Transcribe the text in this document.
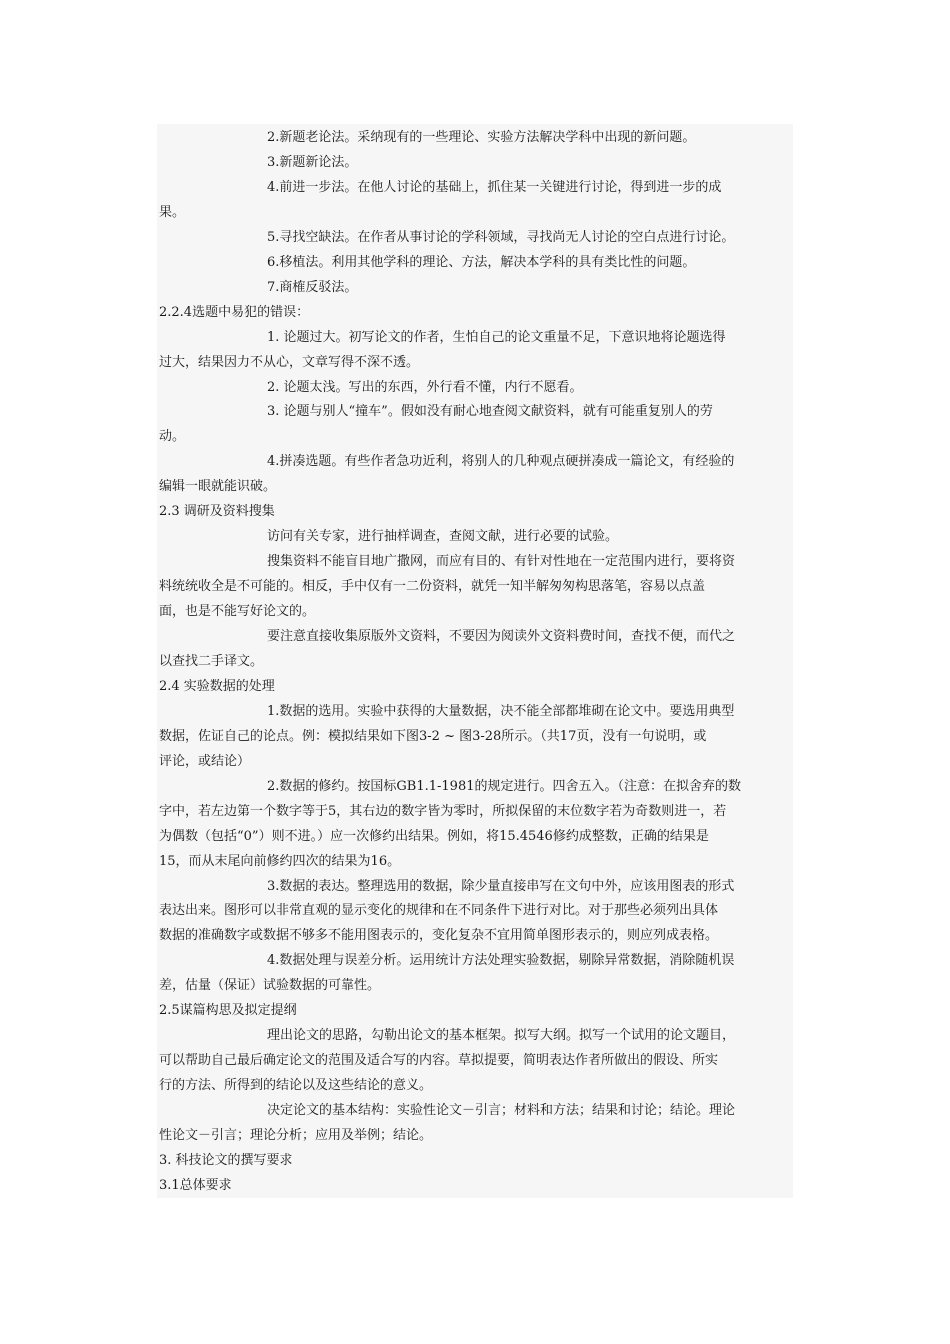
2.新题老论法。采纳现有的一些理论、实验方法解决学科中出现的新问题。
3.新题新论法。
4.前进一步法。在他人讨论的基础上，抓住某一关键进行讨论，得到进一步的成
果。
5.寻找空缺法。在作者从事讨论的学科领域，寻找尚无人讨论的空白点进行讨论。
6.移植法。利用其他学科的理论、方法，解决本学科的具有类比性的问题。
7.商榷反驳法。
2.2.4选题中易犯的错误：
1. 论题过大。初写论文的作者，生怕自己的论文重量不足，下意识地将论题选得
过大，结果因力不从心，文章写得不深不透。
2. 论题太浅。写出的东西，外行看不懂，内行不愿看。
3. 论题与别人“撞车”。假如没有耐心地查阅文献资料，就有可能重复别人的劳
动。
4.拼凑选题。有些作者急功近利，将别人的几种观点硬拼凑成一篇论文，有经验的
编辑一眼就能识破。
2.3 调研及资料搜集
访问有关专家，进行抽样调查，查阅文献，进行必要的试验。
搜集资料不能盲目地广撒网，而应有目的、有针对性地在一定范围内进行，要将资
料统统收全是不可能的。相反，手中仅有一二份资料，就凭一知半解匆匆构思落笔，容易以点盖
面，也是不能写好论文的。
要注意直接收集原版外文资料，不要因为阅读外文资料费时间，查找不便，而代之
以查找二手译文。
2.4 实验数据的处理
1.数据的选用。实验中获得的大量数据，决不能全部都堆砌在论文中。要选用典型
数据，佐证自己的论点。例：模拟结果如下图3-2 ~ 图3-28所示。（共17页，没有一句说明，或
评论，或结论）
2.数据的修约。按国标GB1.1-1981的规定进行。四舍五入。（注意：在拟舍弃的数
字中，若左边第一个数字等于5，其右边的数字皆为零时，所拟保留的末位数字若为奇数则进一，若
为偶数（包括“0”）则不进。）应一次修约出结果。例如，将15.4546修约成整数，正确的结果是
15，而从末尾向前修约四次的结果为16。
3.数据的表达。整理选用的数据，除少量直接串写在文句中外，应该用图表的形式
表达出来。图形可以非常直观的显示变化的规律和在不同条件下进行对比。对于那些必须列出具体
数据的准确数字或数据不够多不能用图表示的，变化复杂不宜用简单图形表示的，则应列成表格。
4.数据处理与误差分析。运用统计方法处理实验数据，剔除异常数据，消除随机误
差，估量（保证）试验数据的可靠性。
2.5谋篇构思及拟定提纲
理出论文的思路，勾勒出论文的基本框架。拟写大纲。拟写一个试用的论文题目，
可以帮助自己最后确定论文的范围及适合写的内容。草拟提要，简明表达作者所做出的假设、所实
行的方法、所得到的结论以及这些结论的意义。
决定论文的基本结构：实验性论文－引言；材料和方法；结果和讨论；结论。理论
性论文－引言；理论分析；应用及举例；结论。
3. 科技论文的撰写要求
3.1总体要求
